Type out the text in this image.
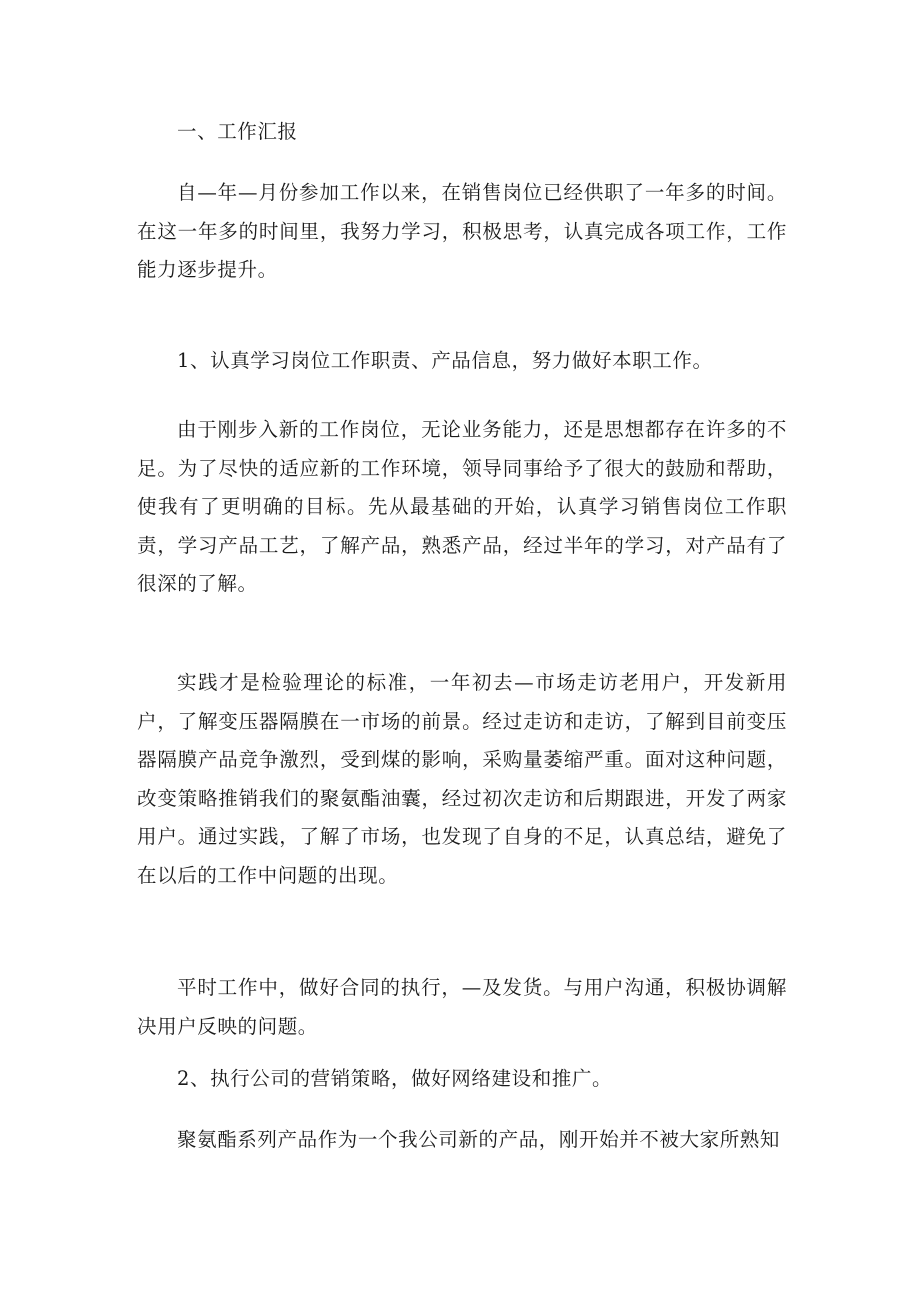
一、工作汇报

自—年—月份参加工作以来，在销售岗位已经供职了一年多的时间。在这一年多的时间里，我努力学习，积极思考，认真完成各项工作，工作能力逐步提升。

1、认真学习岗位工作职责、产品信息，努力做好本职工作。

由于刚步入新的工作岗位，无论业务能力，还是思想都存在许多的不足。为了尽快的适应新的工作环境，领导同事给予了很大的鼓励和帮助，使我有了更明确的目标。先从最基础的开始，认真学习销售岗位工作职责，学习产品工艺，了解产品，熟悉产品，经过半年的学习，对产品有了很深的了解。

实践才是检验理论的标准，一年初去—市场走访老用户，开发新用户，了解变压器隔膜在一市场的前景。经过走访和走访，了解到目前变压器隔膜产品竞争激烈，受到煤的影响，采购量萎缩严重。面对这种问题，改变策略推销我们的聚氨酯油囊，经过初次走访和后期跟进，开发了两家用户。通过实践，了解了市场，也发现了自身的不足，认真总结，避免了在以后的工作中问题的出现。

平时工作中，做好合同的执行，—及发货。与用户沟通，积极协调解决用户反映的问题。

2、执行公司的营销策略，做好网络建设和推广。

聚氨酯系列产品作为一个我公司新的产品，刚开始并不被大家所熟知
